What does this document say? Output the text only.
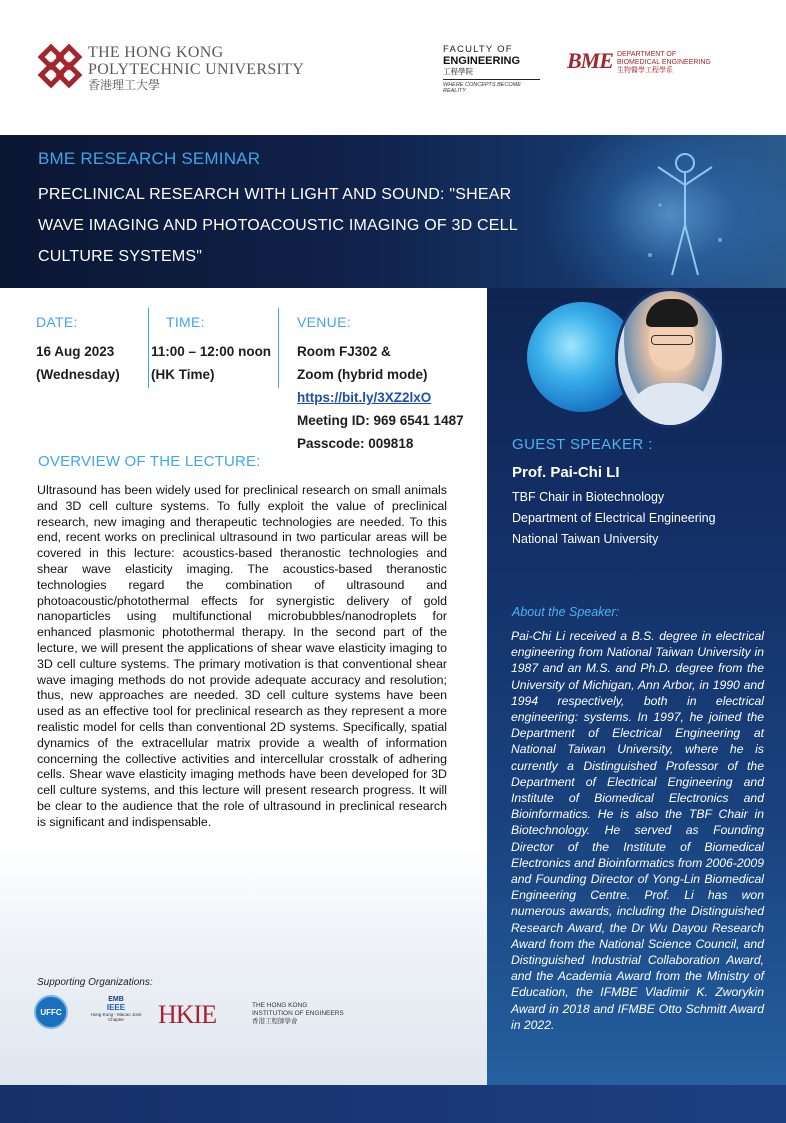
THE HONG KONG
POLYTECHNIC UNIVERSITY
香港理工大學
FACULTY OF
ENGINEERING
工程學院
WHERE CONCEPTS BECOME REALITY
BME DEPARTMENT OF
BIOMEDICAL ENGINEERING
生物醫學工程學系
BME RESEARCH SEMINAR
PRECLINICAL RESEARCH WITH LIGHT AND SOUND: "SHEAR WAVE IMAGING AND PHOTOACOUSTIC IMAGING OF 3D CELL CULTURE SYSTEMS"
DATE:
16 Aug 2023
(Wednesday)
TIME:
11:00 – 12:00 noon
(HK Time)
VENUE:
Room FJ302 &
Zoom (hybrid mode)
https://bit.ly/3XZ2lxO
Meeting ID: 969 6541 1487
Passcode: 009818
OVERVIEW OF THE LECTURE:
Ultrasound has been widely used for preclinical research on small animals and 3D cell culture systems. To fully exploit the value of preclinical research, new imaging and therapeutic technologies are needed. To this end, recent works on preclinical ultrasound in two particular areas will be covered in this lecture: acoustics-based theranostic technologies and shear wave elasticity imaging. The acoustics-based theranostic technologies regard the combination of ultrasound and photoacoustic/photothermal effects for synergistic delivery of gold nanoparticles using multifunctional microbubbles/nanodroplets for enhanced plasmonic photothermal therapy. In the second part of the lecture, we will present the applications of shear wave elasticity imaging to 3D cell culture systems. The primary motivation is that conventional shear wave imaging methods do not provide adequate accuracy and resolution; thus, new approaches are needed. 3D cell culture systems have been used as an effective tool for preclinical research as they represent a more realistic model for cells than conventional 2D systems. Specifically, spatial dynamics of the extracellular matrix provide a wealth of information concerning the collective activities and intercellular crosstalk of adhering cells. Shear wave elasticity imaging methods have been developed for 3D cell culture systems, and this lecture will present research progress. It will be clear to the audience that the role of ultrasound in preclinical research is significant and indispensable.
Supporting Organizations:
UFFC
EMB
IEEE
Hong Kong - Macao Joint Chapter	HKIE	THE HONG KONG
INSTITUTION OF ENGINEERS
香港工程師學會
GUEST SPEAKER :
Prof. Pai-Chi LI
TBF Chair in Biotechnology
Department of Electrical Engineering
National Taiwan University
About the Speaker:
Pai-Chi Li received a B.S. degree in electrical engineering from National Taiwan University in 1987 and an M.S. and Ph.D. degree from the University of Michigan, Ann Arbor, in 1990 and 1994 respectively, both in electrical engineering: systems. In 1997, he joined the Department of Electrical Engineering at National Taiwan University, where he is currently a Distinguished Professor of the Department of Electrical Engineering and Institute of Biomedical Electronics and Bioinformatics. He is also the TBF Chair in Biotechnology. He served as Founding Director of the Institute of Biomedical Electronics and Bioinformatics from 2006-2009 and Founding Director of Yong-Lin Biomedical Engineering Centre. Prof. Li has won numerous awards, including the Distinguished Research Award, the Dr Wu Dayou Research Award from the National Science Council, and Distinguished Industrial Collaboration Award, and the Academia Award from the Ministry of Education, the IFMBE Vladimir K. Zworykin Award in 2018 and IFMBE Otto Schmitt Award in 2022.
